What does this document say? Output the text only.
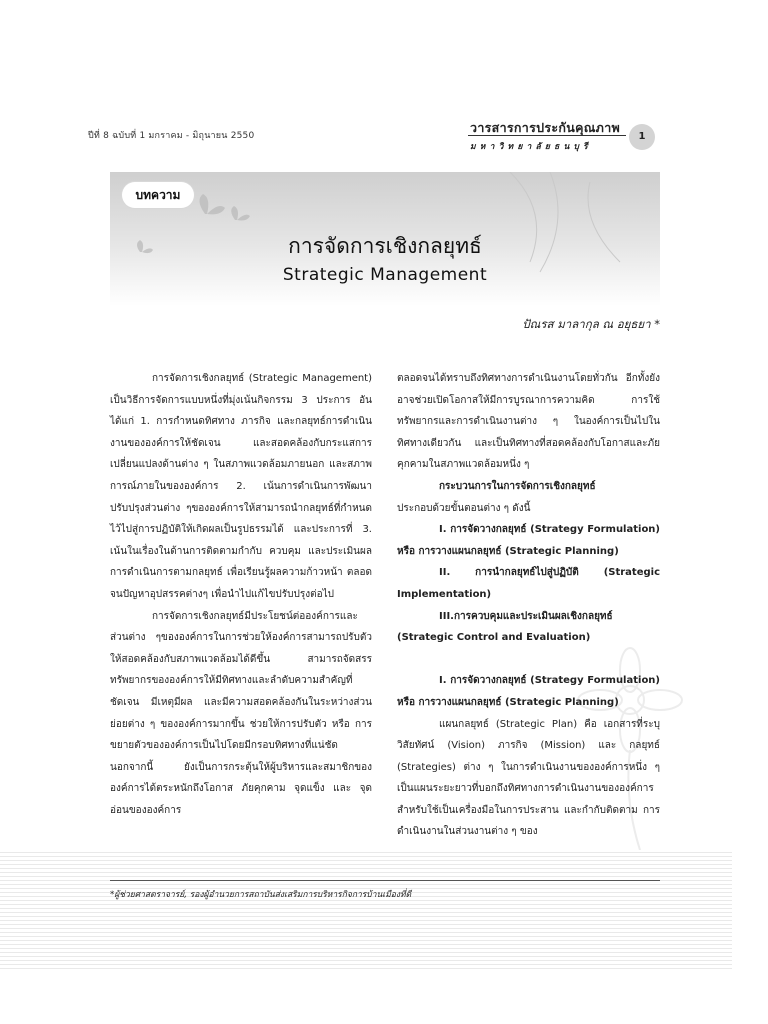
ปีที่ 8 ฉบับที่ 1 มกราคม - มิถุนายน 2550
วารสารการประกันคุณภาพ
มหาวิทยาลัยธนบุรี
1
บทความ
การจัดการเชิงกลยุทธ์
Strategic Management
ปัณรส มาลากุล ณ อยุธยา *

การจัดการเชิงกลยุทธ์ (Strategic Management) เป็นวิธีการจัดการแบบหนึ่งที่มุ่งเน้นกิจกรรม 3 ประการ อันได้แก่ 1. การกำหนดทิศทาง ภารกิจ และกลยุทธ์การดำเนินงานขององค์การให้ชัดเจน และสอดคล้องกับกระแสการเปลี่ยนแปลงด้านต่าง ๆ ในสภาพแวดล้อมภายนอก และสภาพการณ์ภายในขององค์การ 2. เน้นการดำเนินการพัฒนาปรับปรุงส่วนต่าง ๆขององค์การให้สามารถนำกลยุทธ์ที่กำหนดไว้ไปสู่การปฏิบัติให้เกิดผลเป็นรูปธรรมได้ และประการที่ 3. เน้นในเรื่องในด้านการติดตามกำกับ ควบคุม และประเมินผลการดำเนินการตามกลยุทธ์ เพื่อเรียนรู้ผลความก้าวหน้า ตลอดจนปัญหาอุปสรรคต่างๆ เพื่อนำไปแก้ไขปรับปรุงต่อไป

การจัดการเชิงกลยุทธ์มีประโยชน์ต่อองค์การและส่วนต่าง ๆขององค์การในการช่วยให้องค์การสามารถปรับตัวให้สอดคล้องกับสภาพแวดล้อมได้ดีขึ้น สามารถจัดสรรทรัพยากรขององค์การให้มีทิศทางและลำดับความสำคัญที่ชัดเจน มีเหตุมีผล และมีความสอดคล้องกันในระหว่างส่วนย่อยต่าง ๆ ขององค์การมากขึ้น ช่วยให้การปรับตัว หรือ การขยายตัวขององค์การเป็นไปโดยมีกรอบทิศทางที่แน่ชัด นอกจากนี้ ยังเป็นการกระตุ้นให้ผู้บริหารและสมาชิกขององค์การได้ตระหนักถึงโอกาส ภัยคุกคาม จุดแข็ง และ จุดอ่อนขององค์การ

ตลอดจนได้ทราบถึงทิศทางการดำเนินงานโดยทั่วกัน อีกทั้งยังอาจช่วยเปิดโอกาสให้มีการบูรณาการความคิด การใช้ทรัพยากรและการดำเนินงานต่าง ๆ ในองค์การเป็นไปในทิศทางเดียวกัน และเป็นทิศทางที่สอดคล้องกับโอกาสและภัยคุกคามในสภาพแวดล้อมหนึ่ง ๆ

กระบวนการในการจัดการเชิงกลยุทธ์

ประกอบด้วยขั้นตอนต่าง ๆ ดังนี้

I. การจัดวางกลยุทธ์ (Strategy Formulation) หรือ การวางแผนกลยุทธ์ (Strategic Planning)

II. การนำกลยุทธ์ไปสู่ปฏิบัติ (Strategic Implementation)

III.การควบคุมและประเมินผลเชิงกลยุทธ์ (Strategic Control and Evaluation)

I. การจัดวางกลยุทธ์ (Strategy Formulation) หรือ การวางแผนกลยุทธ์ (Strategic Planning)

แผนกลยุทธ์ (Strategic Plan) คือ เอกสารที่ระบุ วิสัยทัศน์ (Vision) ภารกิจ (Mission) และ กลยุทธ์ (Strategies) ต่าง ๆ ในการดำเนินงานขององค์การหนึ่ง ๆ เป็นแผนระยะยาวที่บอกถึงทิศทางการดำเนินงานขององค์การ สำหรับใช้เป็นเครื่องมือในการประสาน และกำกับติดตาม การดำเนินงานในส่วนงานต่าง ๆ ของ

*ผู้ช่วยศาสตราจารย์, รองผู้อำนวยการสถาบันส่งเสริมการบริหารกิจการบ้านเมืองที่ดี
